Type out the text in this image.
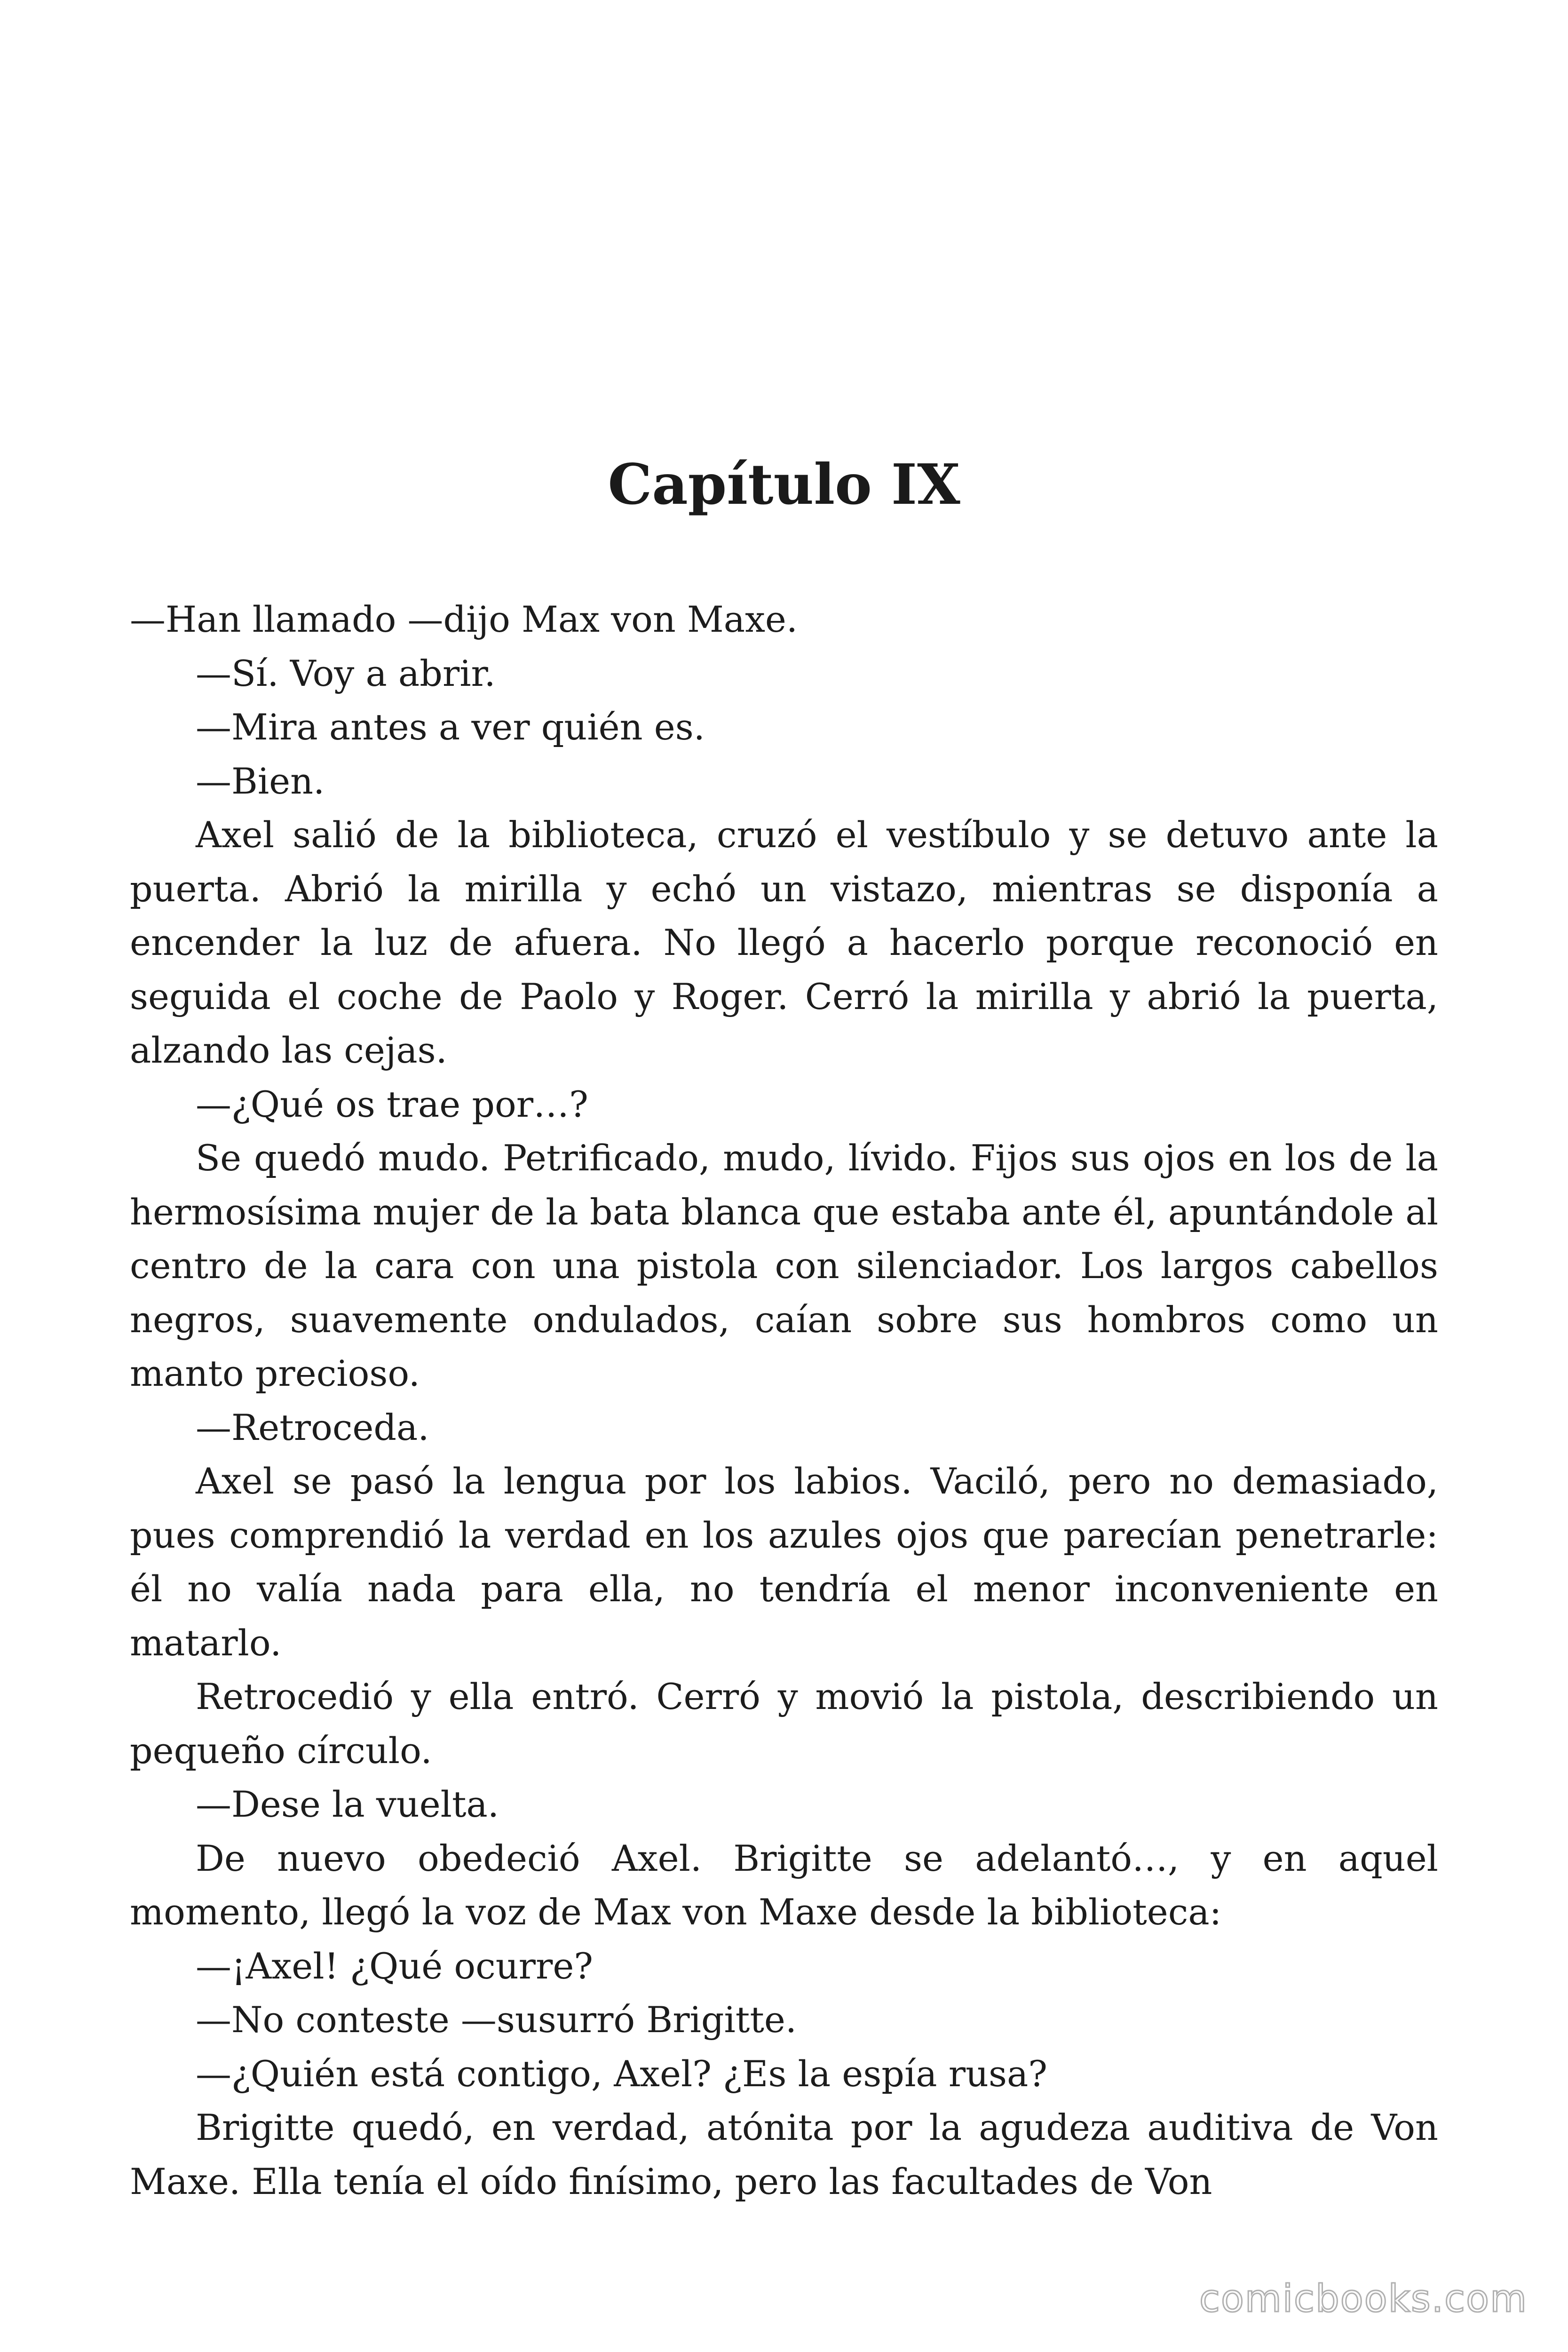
Capítulo IX

—Han llamado —dijo Max von Maxe.

—Sí. Voy a abrir.

—Mira antes a ver quién es.

—Bien.

Axel salió de la biblioteca, cruzó el vestíbulo y se detuvo ante la puerta. Abrió la mirilla y echó un vistazo, mientras se disponía a encender la luz de afuera. No llegó a hacerlo porque reconoció en seguida el coche de Paolo y Roger. Cerró la mirilla y abrió la puerta, alzando las cejas.

—¿Qué os trae por…?

Se quedó mudo. Petrificado, mudo, lívido. Fijos sus ojos en los de la hermosísima mujer de la bata blanca que estaba ante él, apuntándole al centro de la cara con una pistola con silenciador. Los largos cabellos negros, suavemente ondulados, caían sobre sus hombros como un manto precioso.

—Retroceda.

Axel se pasó la lengua por los labios. Vaciló, pero no demasiado, pues comprendió la verdad en los azules ojos que parecían penetrarle: él no valía nada para ella, no tendría el menor inconveniente en matarlo.

Retrocedió y ella entró. Cerró y movió la pistola, describiendo un pequeño círculo.

—Dese la vuelta.

De nuevo obedeció Axel. Brigitte se adelantó…, y en aquel momento, llegó la voz de Max von Maxe desde la biblioteca:

—¡Axel! ¿Qué ocurre?

—No conteste —susurró Brigitte.

—¿Quién está contigo, Axel? ¿Es la espía rusa?

Brigitte quedó, en verdad, atónita por la agudeza auditiva de Von Maxe. Ella tenía el oído finísimo, pero las facultades de Von

comicbooks.com
